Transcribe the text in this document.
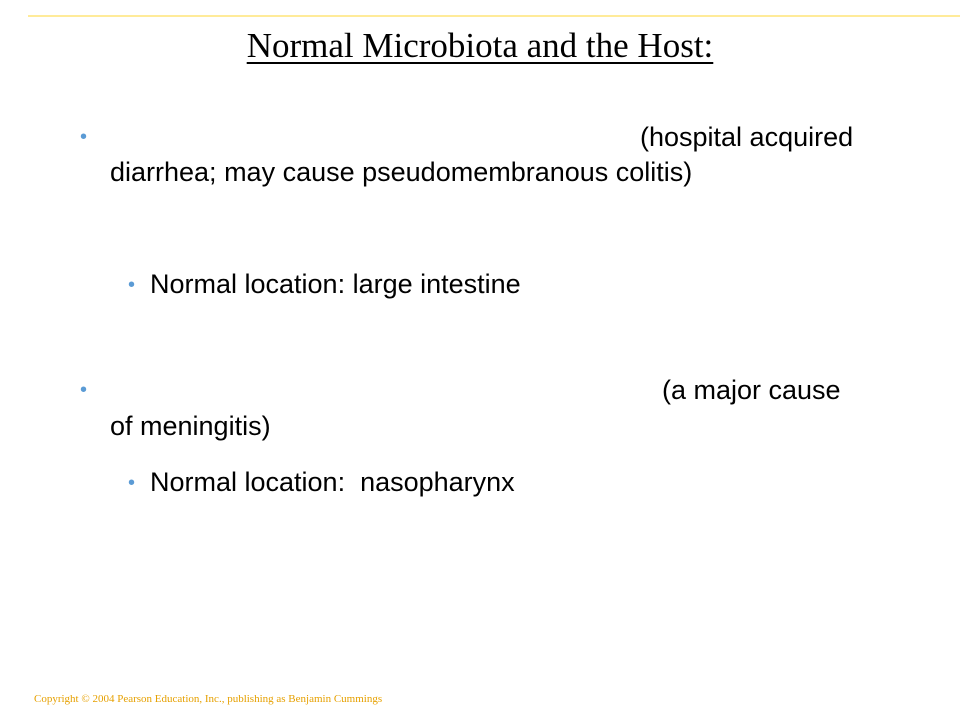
Normal Microbiota and the Host:
•	(hospital acquired
diarrhea; may cause pseudomembranous colitis)
• Normal location: large intestine
•	(a major cause
of meningitis)
• Normal location:  nasopharynx
Copyright © 2004 Pearson Education, Inc., publishing as Benjamin Cummings
